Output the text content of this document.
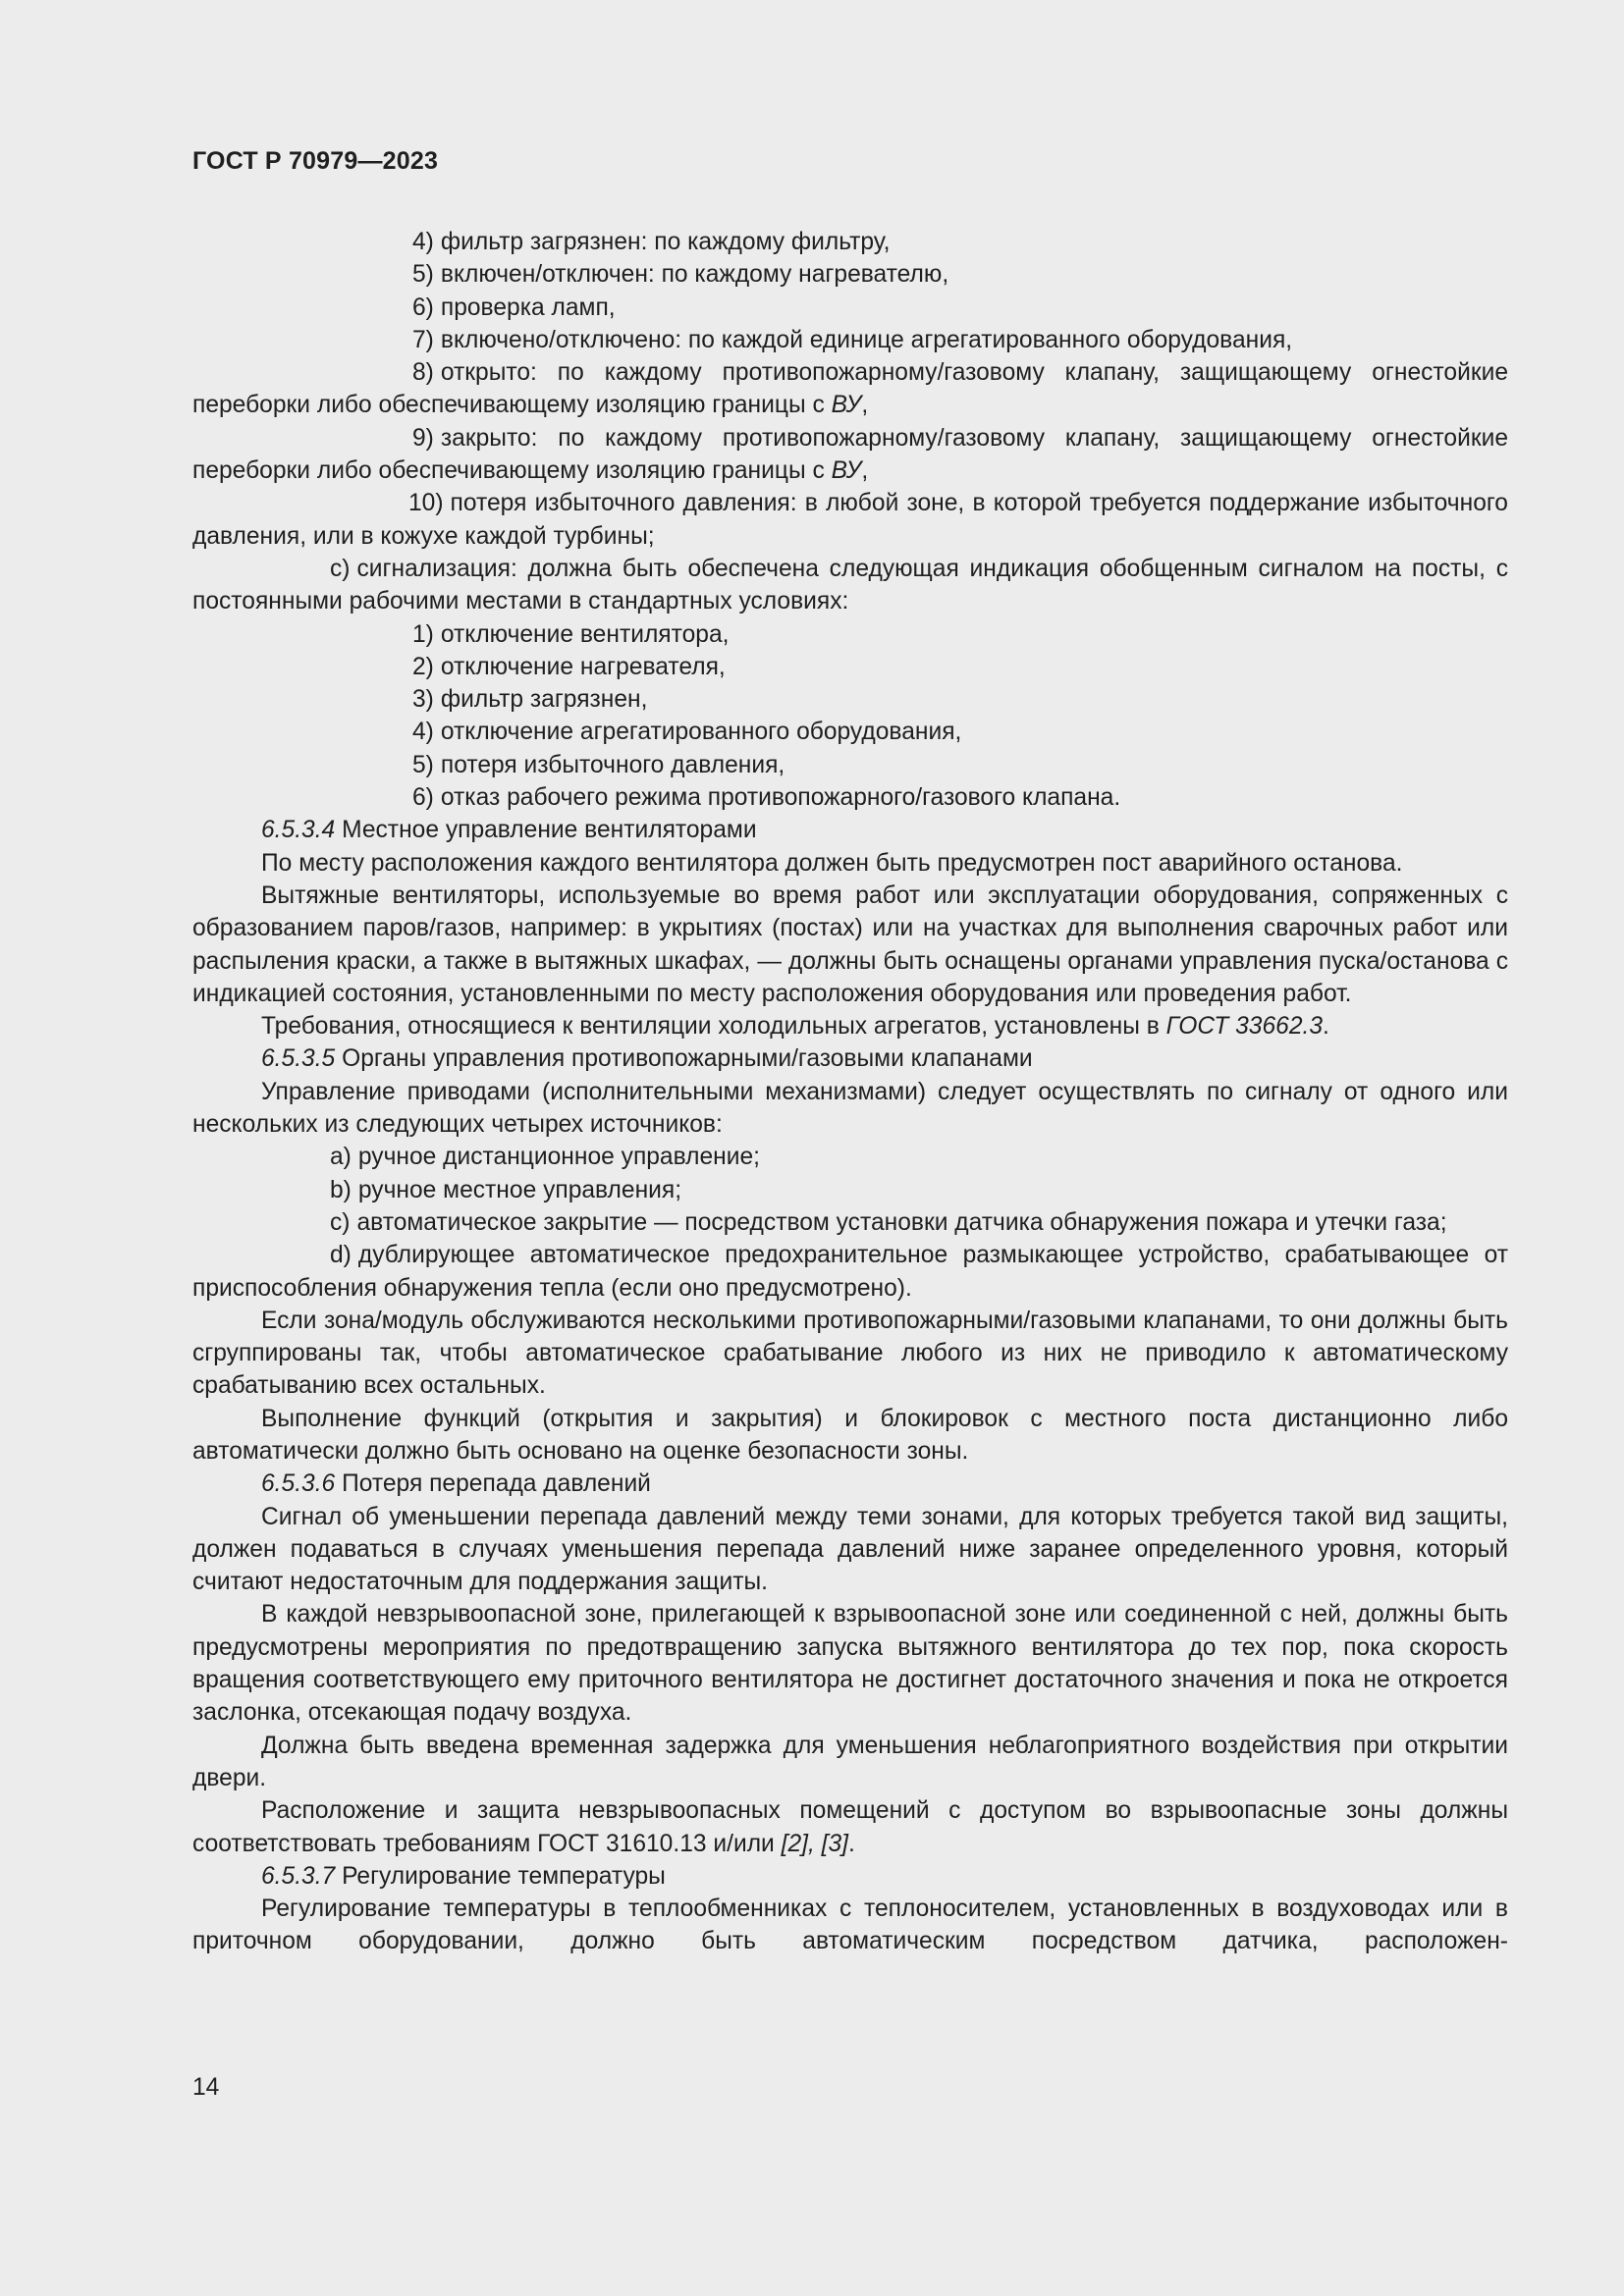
ГОСТ Р 70979—2023

4) фильтр загрязнен: по каждому фильтру,

5) включен/отключен: по каждому нагревателю,

6) проверка ламп,

7) включено/отключено: по каждой единице агрегатированного оборудования,

8) открыто: по каждому противопожарному/газовому клапану, защищающему огнестойкие переборки либо обеспечивающему изоляцию границы с ВУ,

9) закрыто: по каждому противопожарному/газовому клапану, защищающему огнестойкие переборки либо обеспечивающему изоляцию границы с ВУ,

10) потеря избыточного давления: в любой зоне, в которой требуется поддержание избыточного давления, или в кожухе каждой турбины;

с) сигнализация: должна быть обеспечена следующая индикация обобщенным сигналом на посты, с постоянными рабочими местами в стандартных условиях:

1) отключение вентилятора,

2) отключение нагревателя,

3) фильтр загрязнен,

4) отключение агрегатированного оборудования,

5) потеря избыточного давления,

6) отказ рабочего режима противопожарного/газового клапана.

6.5.3.4 Местное управление вентиляторами

По месту расположения каждого вентилятора должен быть предусмотрен пост аварийного останова.

Вытяжные вентиляторы, используемые во время работ или эксплуатации оборудования, сопряженных с образованием паров/газов, например: в укрытиях (постах) или на участках для выполнения сварочных работ или распыления краски, а также в вытяжных шкафах, — должны быть оснащены органами управления пуска/останова с индикацией состояния, установленными по месту расположения оборудования или проведения работ.

Требования, относящиеся к вентиляции холодильных агрегатов, установлены в ГОСТ 33662.3.

6.5.3.5 Органы управления противопожарными/газовыми клапанами

Управление приводами (исполнительными механизмами) следует осуществлять по сигналу от одного или нескольких из следующих четырех источников:

a) ручное дистанционное управление;

b) ручное местное управления;

c) автоматическое закрытие — посредством установки датчика обнаружения пожара и утечки газа;

d) дублирующее автоматическое предохранительное размыкающее устройство, срабатывающее от приспособления обнаружения тепла (если оно предусмотрено).

Если зона/модуль обслуживаются несколькими противопожарными/газовыми клапанами, то они должны быть сгруппированы так, чтобы автоматическое срабатывание любого из них не приводило к автоматическому срабатыванию всех остальных.

Выполнение функций (открытия и закрытия) и блокировок с местного поста дистанционно либо автоматически должно быть основано на оценке безопасности зоны.

6.5.3.6 Потеря перепада давлений

Сигнал об уменьшении перепада давлений между теми зонами, для которых требуется такой вид защиты, должен подаваться в случаях уменьшения перепада давлений ниже заранее определенного уровня, который считают недостаточным для поддержания защиты.

В каждой невзрывоопасной зоне, прилегающей к взрывоопасной зоне или соединенной с ней, должны быть предусмотрены мероприятия по предотвращению запуска вытяжного вентилятора до тех пор, пока скорость вращения соответствующего ему приточного вентилятора не достигнет достаточного значения и пока не откроется заслонка, отсекающая подачу воздуха.

Должна быть введена временная задержка для уменьшения неблагоприятного воздействия при открытии двери.

Расположение и защита невзрывоопасных помещений с доступом во взрывоопасные зоны должны соответствовать требованиям ГОСТ 31610.13 и/или [2], [3].

6.5.3.7 Регулирование температуры

Регулирование температуры в теплообменниках с теплоносителем, установленных в воздуховодах или в приточном оборудовании, должно быть автоматическим посредством датчика, расположен-

14
